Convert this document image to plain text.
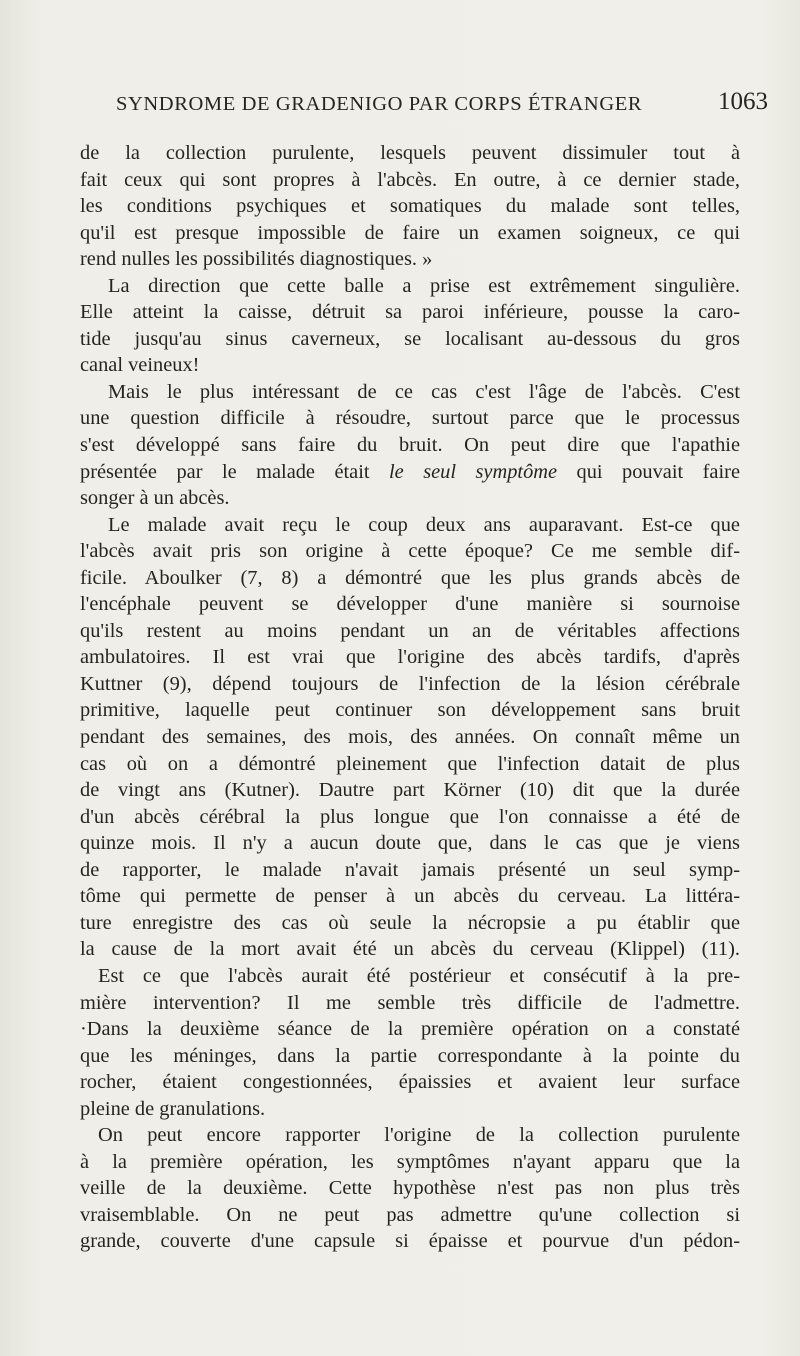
SYNDROME DE GRADENIGO PAR CORPS ÉTRANGER	1063
de la collection purulente, lesquels peuvent dissimuler tout à
fait ceux qui sont propres à l'abcès. En outre, à ce dernier stade,
les conditions psychiques et somatiques du malade sont telles,
qu'il est presque impossible de faire un examen soigneux, ce qui
rend nulles les possibilités diagnostiques. »
La direction que cette balle a prise est extrêmement singulière.
Elle atteint la caisse, détruit sa paroi inférieure, pousse la caro-
tide jusqu'au sinus caverneux, se localisant au-dessous du gros
canal veineux!
Mais le plus intéressant de ce cas c'est l'âge de l'abcès. C'est
une question difficile à résoudre, surtout parce que le processus
s'est développé sans faire du bruit. On peut dire que l'apathie
présentée par le malade était le seul symptôme qui pouvait faire
songer à un abcès.
Le malade avait reçu le coup deux ans auparavant. Est-ce que
l'abcès avait pris son origine à cette époque? Ce me semble dif-
ficile. Aboulker (7, 8) a démontré que les plus grands abcès de
l'encéphale peuvent se développer d'une manière si sournoise
qu'ils restent au moins pendant un an de véritables affections
ambulatoires. Il est vrai que l'origine des abcès tardifs, d'après
Kuttner (9), dépend toujours de l'infection de la lésion cérébrale
primitive, laquelle peut continuer son développement sans bruit
pendant des semaines, des mois, des années. On connaît même un
cas où on a démontré pleinement que l'infection datait de plus
de vingt ans (Kutner). Dautre part Körner (10) dit que la durée
d'un abcès cérébral la plus longue que l'on connaisse a été de
quinze mois. Il n'y a aucun doute que, dans le cas que je viens
de rapporter, le malade n'avait jamais présenté un seul symp-
tôme qui permette de penser à un abcès du cerveau. La littéra-
ture enregistre des cas où seule la nécropsie a pu établir que
la cause de la mort avait été un abcès du cerveau (Klippel) (11).
Est ce que l'abcès aurait été postérieur et consécutif à la pre-
mière intervention? Il me semble très difficile de l'admettre.
·Dans la deuxième séance de la première opération on a constaté
que les méninges, dans la partie correspondante à la pointe du
rocher, étaient congestionnées, épaissies et avaient leur surface
pleine de granulations.
On peut encore rapporter l'origine de la collection purulente
à la première opération, les symptômes n'ayant apparu que la
veille de la deuxième. Cette hypothèse n'est pas non plus très
vraisemblable. On ne peut pas admettre qu'une collection si
grande, couverte d'une capsule si épaisse et pourvue d'un pédon-
